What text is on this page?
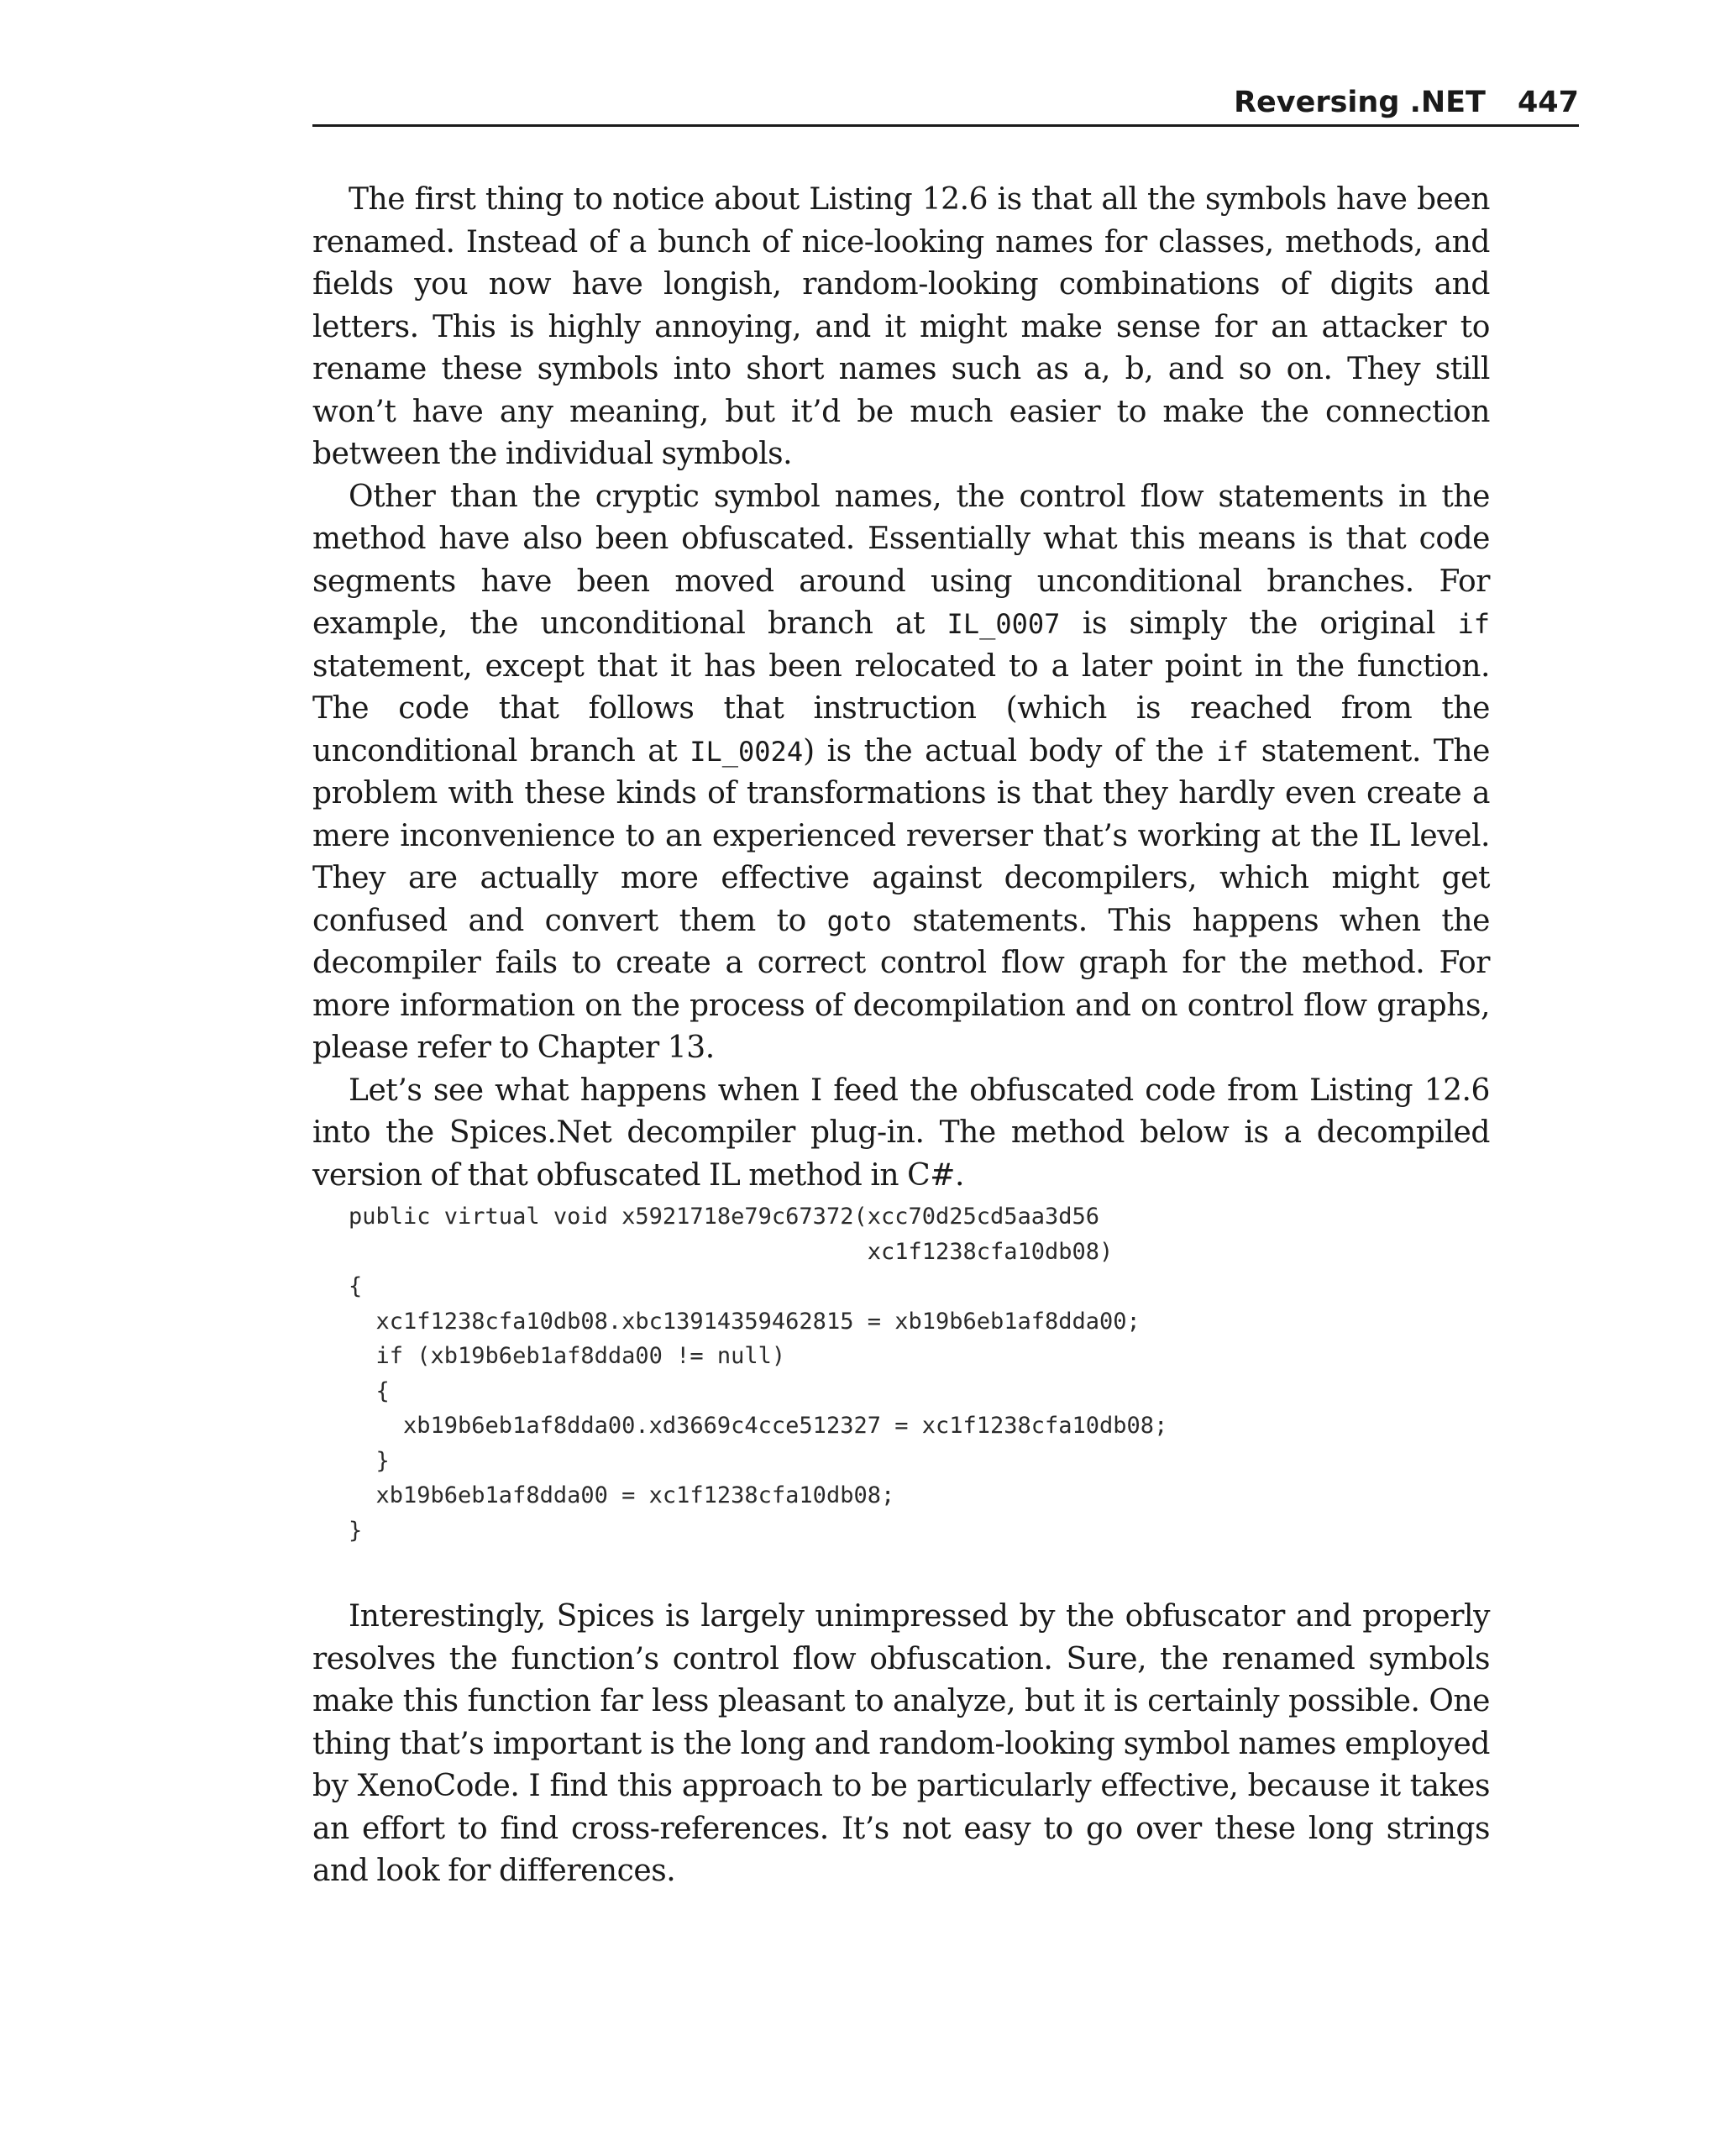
Reversing .NET 447

The first thing to notice about Listing 12.6 is that all the symbols have been renamed. Instead of a bunch of nice-looking names for classes, methods, and fields you now have longish, random-looking combinations of digits and letters. This is highly annoying, and it might make sense for an attacker to rename these symbols into short names such as a, b, and so on. They still won’t have any meaning, but it’d be much easier to make the connection between the individual symbols.

Other than the cryptic symbol names, the control flow statements in the method have also been obfuscated. Essentially what this means is that code segments have been moved around using unconditional branches. For example, the unconditional branch at IL_0007 is simply the original if statement, except that it has been relocated to a later point in the function. The code that follows that instruction (which is reached from the unconditional branch at IL_0024) is the actual body of the if statement. The problem with these kinds of transformations is that they hardly even create a mere inconvenience to an experienced reverser that’s working at the IL level. They are actually more effective against decompilers, which might get confused and convert them to goto statements. This happens when the decompiler fails to create a correct control flow graph for the method. For more information on the process of decompilation and on control flow graphs, please refer to Chapter 13.

Let’s see what happens when I feed the obfuscated code from Listing 12.6 into the Spices.Net decompiler plug-in. The method below is a decompiled version of that obfuscated IL method in C#.

public virtual void x5921718e79c67372(xcc70d25cd5aa3d56
xc1f1238cfa10db08)
{
xc1f1238cfa10db08.xbc13914359462815 = xb19b6eb1af8dda00;
if (xb19b6eb1af8dda00 != null)
{
xb19b6eb1af8dda00.xd3669c4cce512327 = xc1f1238cfa10db08;
}
xb19b6eb1af8dda00 = xc1f1238cfa10db08;
}

Interestingly, Spices is largely unimpressed by the obfuscator and properly resolves the function’s control flow obfuscation. Sure, the renamed symbols make this function far less pleasant to analyze, but it is certainly possible. One thing that’s important is the long and random-looking symbol names employed by XenoCode. I find this approach to be particularly effective, because it takes an effort to find cross-references. It’s not easy to go over these long strings and look for differences.
